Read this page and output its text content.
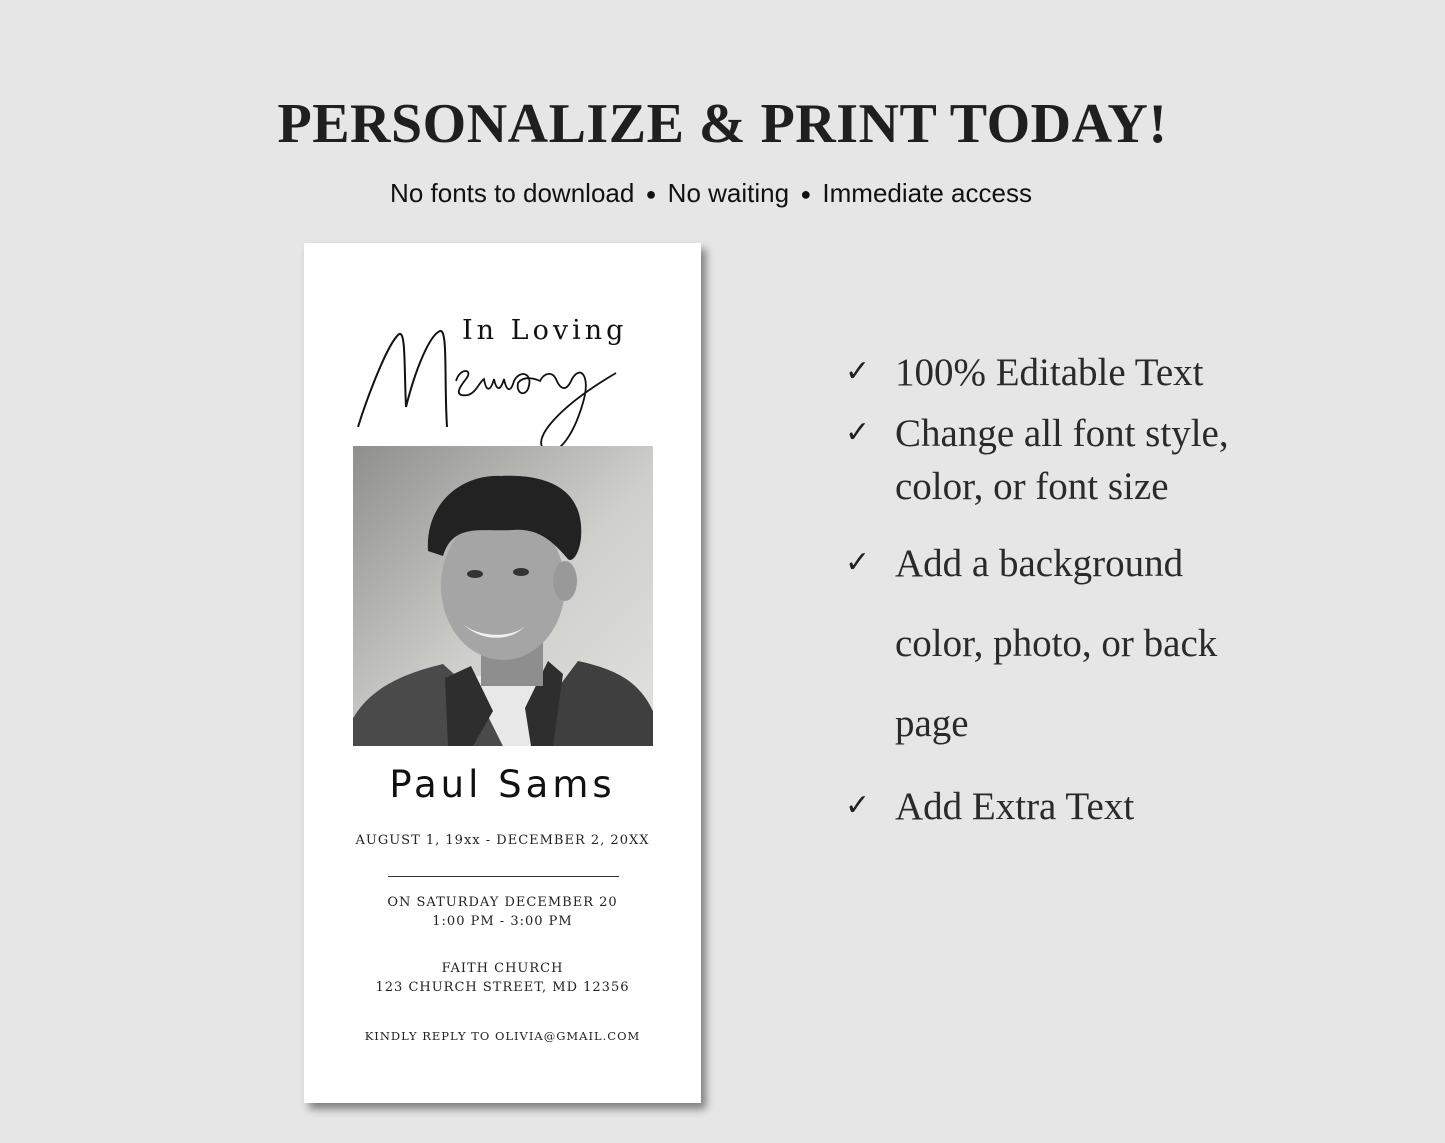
PERSONALIZE & PRINT TODAY!
No fonts to download ● No waiting ● Immediate access
In Loving
Paul Sams
AUGUST 1, 19xx - DECEMBER 2, 20XX
ON SATURDAY DECEMBER 20
1:00 PM - 3:00 PM
FAITH CHURCH
123 CHURCH STREET, MD 12356
KINDLY REPLY TO OLIVIA@GMAIL.COM
✓ 100% Editable Text
✓ Change all font style,
color, or font size
✓ Add a background
color, photo, or back
page
✓ Add Extra Text
